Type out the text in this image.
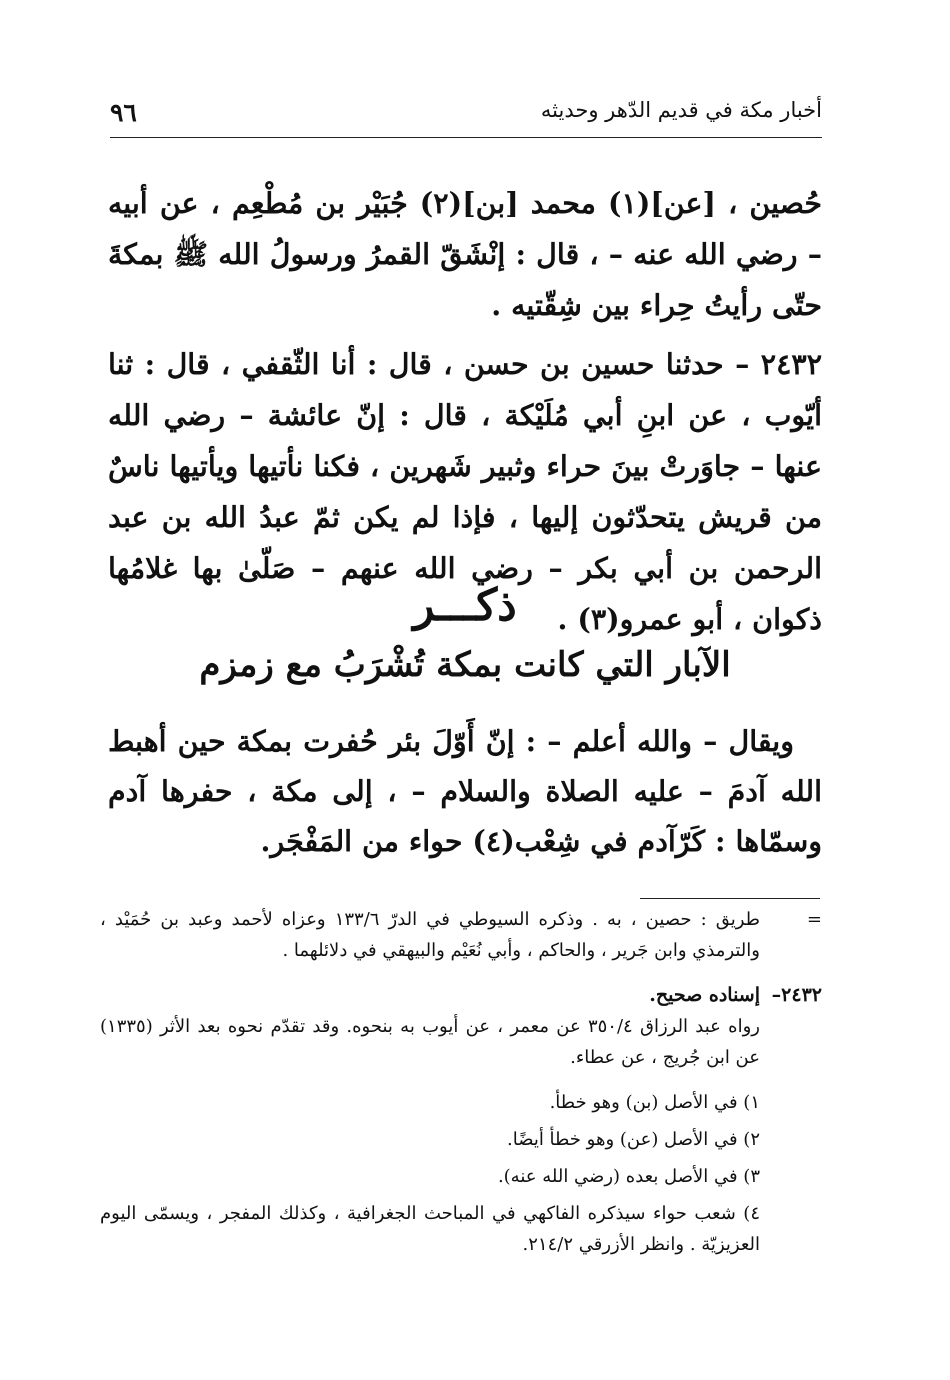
٩٦	أخبار مكة في قديم الدّهر وحديثه

حُصين ، [عن](١) محمد [بن](٢) جُبَيْر بن مُطْعِم ، عن أبيه – رضي الله عنه – ، قال : إنْشَقّ القمرُ ورسولُ الله ﷺ بمكةَ حتّى رأيتُ حِراء بين شِقّتيه .

٢٤٣٢ – حدثنا حسين بن حسن ، قال : أنا الثّقفي ، قال : ثنا أيّوب ، عن ابنِ أبي مُلَيْكة ، قال : إنّ عائشة – رضي الله عنها – جاوَرتْ بينَ حراء وثبير شَهرين ، فكنا نأتيها ويأتيها ناسٌ من قريش يتحدّثون إليها ، فإذا لم يكن ثمّ عبدُ الله بن عبد الرحمن بن أبي بكر – رضي الله عنهم – صَلّىٰ بها غلامُها ذكوان ، أبو عمرو(٣) .

ذكـــر
الآبار التي كانت بمكة تُشْرَبُ مع زمزم

ويقال – والله أعلم – : إنّ أَوّلَ بئر حُفرت بمكة حين أهبط الله آدمَ – عليه الصلاة والسلام – ، إلى مكة ، حفرها آدم وسمّاها : كَرّآدم في شِعْب(٤) حواء من المَفْجَر.

=
طريق : حصين ، به . وذكره السيوطي في الدرّ ١٣٣/٦ وعزاه لأحمد وعبد بن حُمَيْد ، والترمذي وابن جَرير ، والحاكم ، وأبي نُعَيْم والبيهقي في دلائلهما .
٢٤٣٢–
إسناده صحيح.
رواه عبد الرزاق ٣٥٠/٤ عن معمر ، عن أيوب به بنحوه. وقد تقدّم نحوه بعد الأثر (١٣٣٥) عن ابن جُريج ، عن عطاء.
١) في الأصل (بن) وهو خطأ.
٢) في الأصل (عن) وهو خطأ أيضًا.
٣) في الأصل بعده (رضي الله عنه).
٤) شعب حواء سيذكره الفاكهي في المباحث الجغرافية ، وكذلك المفجر ، ويسمّى اليوم العزيزيّة . وانظر الأزرقي ٢١٤/٢.
